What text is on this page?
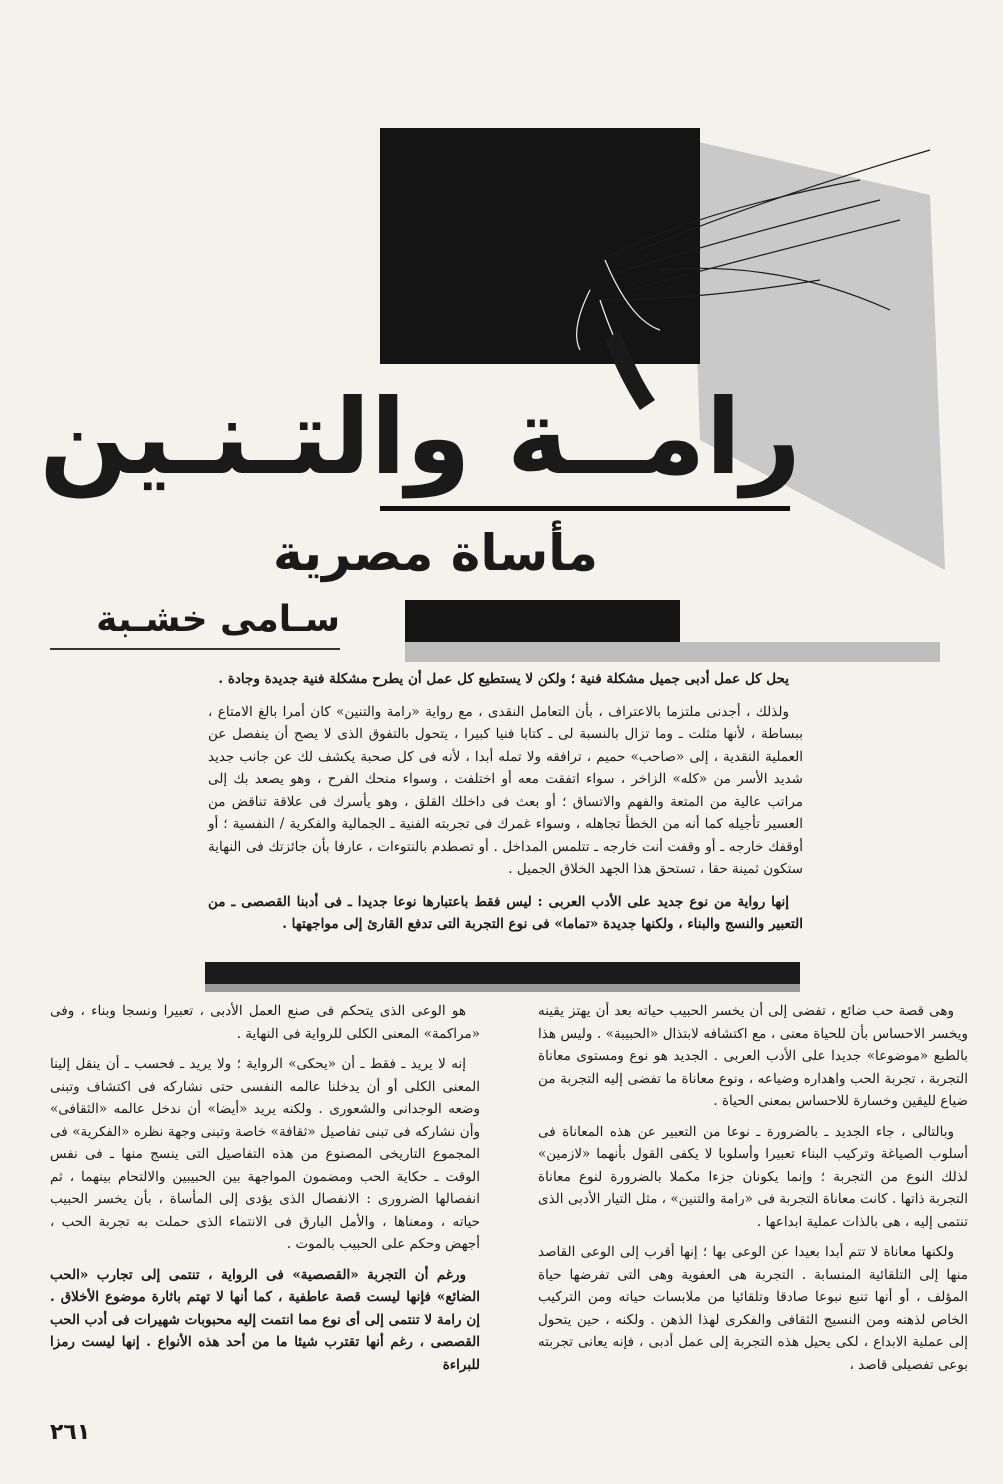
رامــة والتـنـين
مأساة مصرية
سـامى خشـبة

يحل كل عمل أدبى جميل مشكلة فنية ؛ ولكن لا يستطيع كل عمل أن يطرح مشكلة فنية جديدة وجادة .

ولذلك ، أجدنى ملتزما بالاعتراف ، بأن التعامل النقدى ، مع رواية «رامة والتنين» كان أمرا بالغ الامتاع ، ببساطة ، لأنها مثلت ـ وما تزال بالنسبة لى ـ كتابا فنيا كبيرا ، يتحول بالتفوق الذى لا يصح أن ينفصل عن العملية النقدية ، إلى «صاحب» حميم ، ترافقه ولا تمله أبدا ، لأنه فى كل صحبة يكشف لك عن جانب جديد شديد الأسر من «كله» الزاخر ، سواء اتفقت معه أو اختلفت ، وسواء منحك الفرح ، وهو يصعد بك إلى مراتب عالية من المتعة والفهم والاتساق ؛ أو بعث فى داخلك القلق ، وهو يأسرك فى علاقة تناقض من العسير تأجيله كما أنه من الخطأ تجاهله ، وسواء غمرك فى تجربته الفنية ـ الجمالية والفكرية / النفسية ؛ أو أوقفك خارجه ـ أو وقفت أنت خارجه ـ تتلمس المداخل . أو تصطدم بالنتوءات ، عارفا بأن جائزتك فى النهاية ستكون ثمينة حقا ، تستحق هذا الجهد الخلاق الجميل .

إنها رواية من نوع جديد على الأدب العربى : ليس فقط باعتبارها نوعا جديدا ـ فى أدبنا القصصى ـ من التعبير والنسج والبناء ، ولكنها جديدة «تماما» فى نوع التجربة التى تدفع القارئ إلى مواجهتها .

وهى قصة حب ضائع ، تفضى إلى أن يخسر الحبيب حياته بعد أن يهتز يقينه ويخسر الاحساس بأن للحياة معنى ، مع اكتشافه لابتذال «الحبيبة» . وليس هذا بالطبع «موضوعا» جديدا على الأدب العربى . الجديد هو نوع ومستوى معاناة التجربة ، تجربة الحب واهداره وضياعه ، ونوع معاناة ما تفضى إليه التجربة من ضياع لليقين وخسارة للاحساس بمعنى الحياة .

وبالتالى ، جاء الجديد ـ بالضرورة ـ نوعا من التعبير عن هذه المعاناة فى أسلوب الصياغة وتركيب البناء تعبيرا وأسلوبا لا يكفى القول بأنهما «لازمين» لذلك النوع من التجربة ؛ وإنما يكونان جزءا مكملا بالضرورة لنوع معاناة التجربة ذاتها . كانت معاناة التجربة فى «رامة والتنين» ، مثل التيار الأدبى الذى تنتمى إليه ، هى بالذات عملية ابداعها .

ولكنها معاناة لا تتم أبدا بعيدا عن الوعى بها ؛ إنها أقرب إلى الوعى القاصد منها إلى التلقائية المنسابة . التجربة هى العفوية وهى التى تفرضها حياة المؤلف ، أو أنها تنبع نبوعا صادقا وتلقائيا من ملابسات حياته ومن التركيب الخاص لذهنه ومن النسيج الثقافى والفكرى لهذا الذهن . ولكنه ، حين يتحول إلى عملية الابداع ، لكى يحيل هذه التجربة إلى عمل أدبى ، فإنه يعانى تجربته بوعى تفصيلى قاصد ،

هو الوعى الذى يتحكم فى صنع العمل الأدبى ، تعبيرا ونسجا وبناء ، وفى «مراكمة» المعنى الكلى للرواية فى النهاية .

إنه لا يريد ـ فقط ـ أن «يحكى» الرواية ؛ ولا يريد ـ فحسب ـ أن ينقل إلينا المعنى الكلى أو أن يدخلنا عالمه النفسى حتى نشاركه فى اكتشاف وتبنى وضعه الوجدانى والشعورى . ولكنه يريد «أيضا» أن ندخل عالمه «الثقافى» وأن نشاركه فى تبنى تفاصيل «ثقافة» خاصة وتبنى وجهة نظره «الفكرية» فى المجموع التاريخى المصنوع من هذه التفاصيل التى ينسج منها ـ فى نفس الوقت ـ حكاية الحب ومضمون المواجهة بين الحبيبين والالتحام بينهما ، ثم انفصالها الضرورى : الانفصال الذى يؤدى إلى المأساة ، بأن يخسر الحبيب حياته ، ومعناها ، والأمل البارق فى الانتماء الذى حملت به تجربة الحب ، أجهض وحكم على الحبيب بالموت .

ورغم أن التجربة «القصصية» فى الرواية ، تنتمى إلى تجارب «الحب الضائع» فإنها ليست قصة عاطفية ، كما أنها لا تهتم باثارة موضوع الأخلاق . إن رامة لا تنتمى إلى أى نوع مما انتمت إليه محبوبات شهيرات فى أدب الحب القصصى ، رغم أنها تقترب شيئا ما من أحد هذه الأنواع . إنها ليست رمزا للبراءة

٢٦١
